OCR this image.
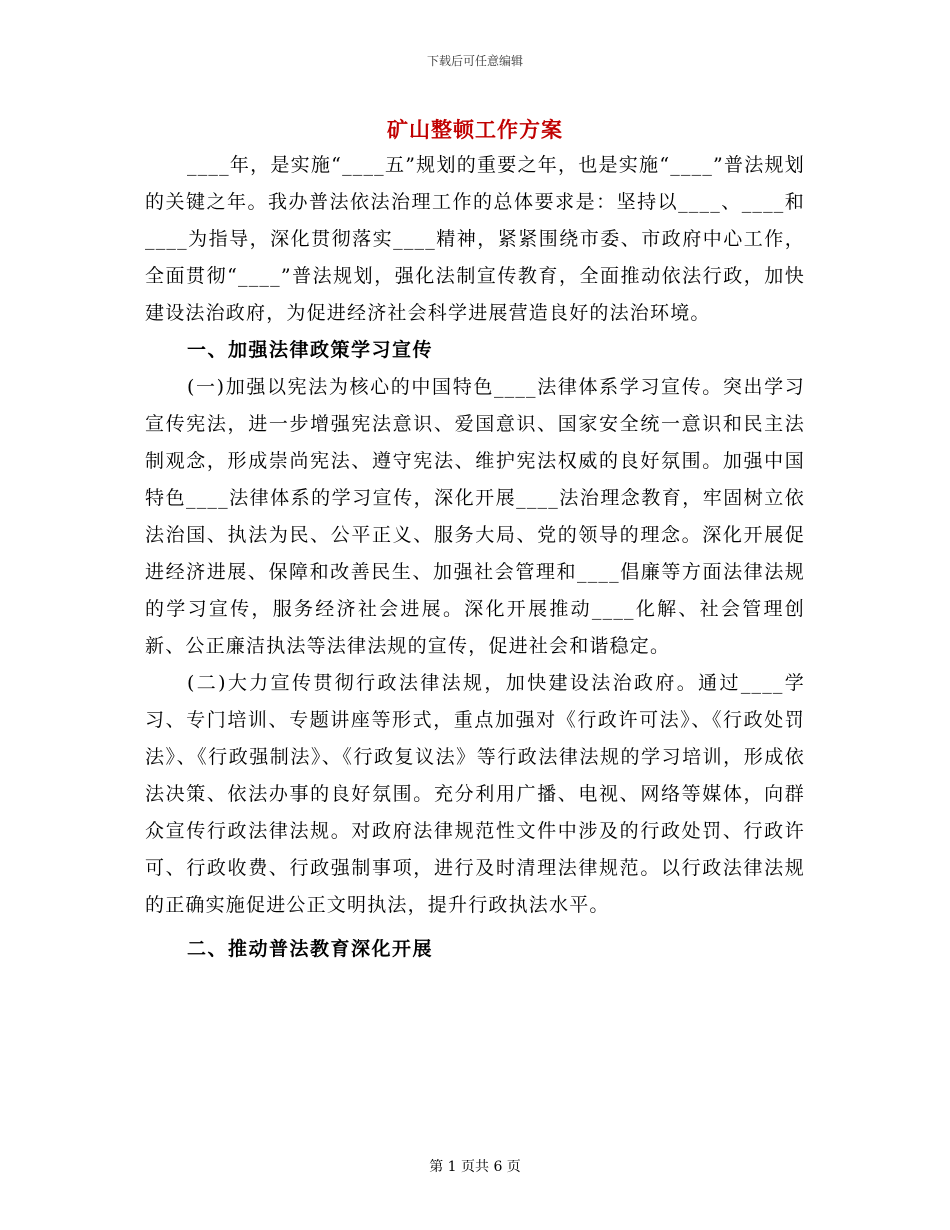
下载后可任意编辑
矿山整顿工作方案

____年，是实施“____五”规划的重要之年，也是实施“____”普法规划的关键之年。我办普法依法治理工作的总体要求是：坚持以____、____和____为指导，深化贯彻落实____精神，紧紧围绕市委、市政府中心工作，全面贯彻“____”普法规划，强化法制宣传教育，全面推动依法行政，加快建设法治政府，为促进经济社会科学进展营造良好的法治环境。

一、加强法律政策学习宣传

(一)加强以宪法为核心的中国特色____法律体系学习宣传。突出学习宣传宪法，进一步增强宪法意识、爱国意识、国家安全统一意识和民主法制观念，形成崇尚宪法、遵守宪法、维护宪法权威的良好氛围。加强中国特色____法律体系的学习宣传，深化开展____法治理念教育，牢固树立依法治国、执法为民、公平正义、服务大局、党的领导的理念。深化开展促进经济进展、保障和改善民生、加强社会管理和____倡廉等方面法律法规的学习宣传，服务经济社会进展。深化开展推动____化解、社会管理创新、公正廉洁执法等法律法规的宣传，促进社会和谐稳定。

(二)大力宣传贯彻行政法律法规，加快建设法治政府。通过____学习、专门培训、专题讲座等形式，重点加强对《行政许可法》、《行政处罚法》、《行政强制法》、《行政复议法》等行政法律法规的学习培训，形成依法决策、依法办事的良好氛围。充分利用广播、电视、网络等媒体，向群众宣传行政法律法规。对政府法律规范性文件中涉及的行政处罚、行政许可、行政收费、行政强制事项，进行及时清理法律规范。以行政法律法规的正确实施促进公正文明执法，提升行政执法水平。

二、推动普法教育深化开展

第 1 页共 6 页
